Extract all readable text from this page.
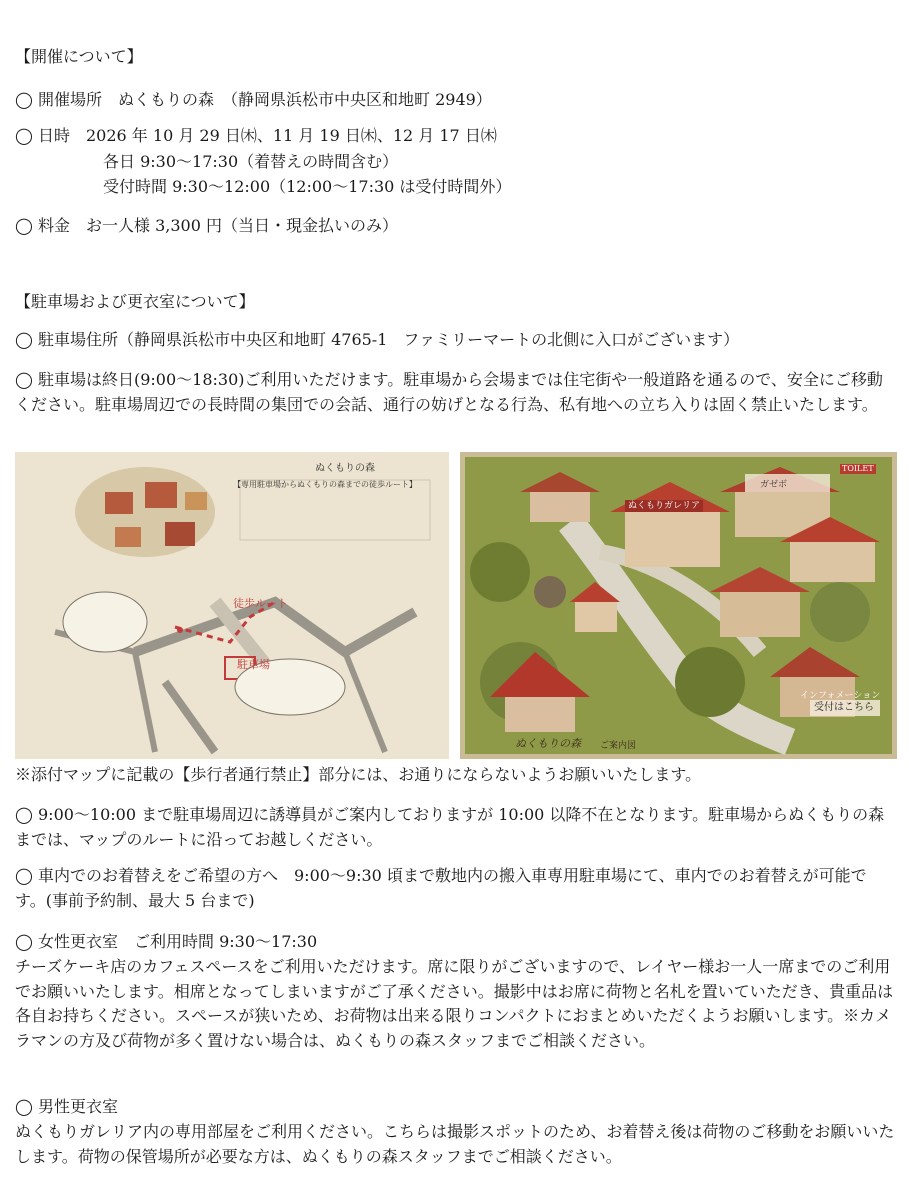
【開催について】
◯ 開催場所　ぬくもりの森　（静岡県浜松市中央区和地町 2949）
◯ 日時　2026 年 10 月 29 日㈭、11 月 19 日㈭、12 月 17 日㈭
各日 9:30〜17:30（着替えの時間含む）
受付時間 9:30〜12:00（12:00〜17:30 は受付時間外）
◯ 料金　お一人様 3,300 円（当日・現金払いのみ）
【駐車場および更衣室について】
◯ 駐車場住所（静岡県浜松市中央区和地町 4765-1　ファミリーマートの北側に入口がございます）
◯ 駐車場は終日(9:00〜18:30)ご利用いただけます。駐車場から会場までは住宅街や一般道路を通るので、安全にご移動ください。駐車場周辺での長時間の集団での会話、通行の妨げとなる行為、私有地への立ち入りは固く禁止いたします。
ぬくもりの森
【専用駐車場からぬくもりの森までの徒歩ルート】
徒歩ルート
駐車場
ぬくもりガレリア
TOILET
ガゼボ
インフォメーション
受付はこちら
ぬくもりの森 ご案内図
※添付マップに記載の【歩行者通行禁止】部分には、お通りにならないようお願いいたします。
◯ 9:00〜10:00 まで駐車場周辺に誘導員がご案内しておりますが 10:00 以降不在となります。駐車場からぬくもりの森までは、マップのルートに沿ってお越しください。
◯ 車内でのお着替えをご希望の方へ　9:00〜9:30 頃まで敷地内の搬入車専用駐車場にて、車内でのお着替えが可能です。(事前予約制、最大 5 台まで)
◯ 女性更衣室　ご利用時間 9:30〜17:30
チーズケーキ店のカフェスペースをご利用いただけます。席に限りがございますので、レイヤー様お一人一席までのご利用でお願いいたします。相席となってしまいますがご了承ください。撮影中はお席に荷物と名札を置いていただき、貴重品は各自お持ちください。スペースが狭いため、お荷物は出来る限りコンパクトにおまとめいただくようお願いします。※カメラマンの方及び荷物が多く置けない場合は、ぬくもりの森スタッフまでご相談ください。
◯ 男性更衣室
ぬくもりガレリア内の専用部屋をご利用ください。こちらは撮影スポットのため、お着替え後は荷物のご移動をお願いいたします。荷物の保管場所が必要な方は、ぬくもりの森スタッフまでご相談ください。
